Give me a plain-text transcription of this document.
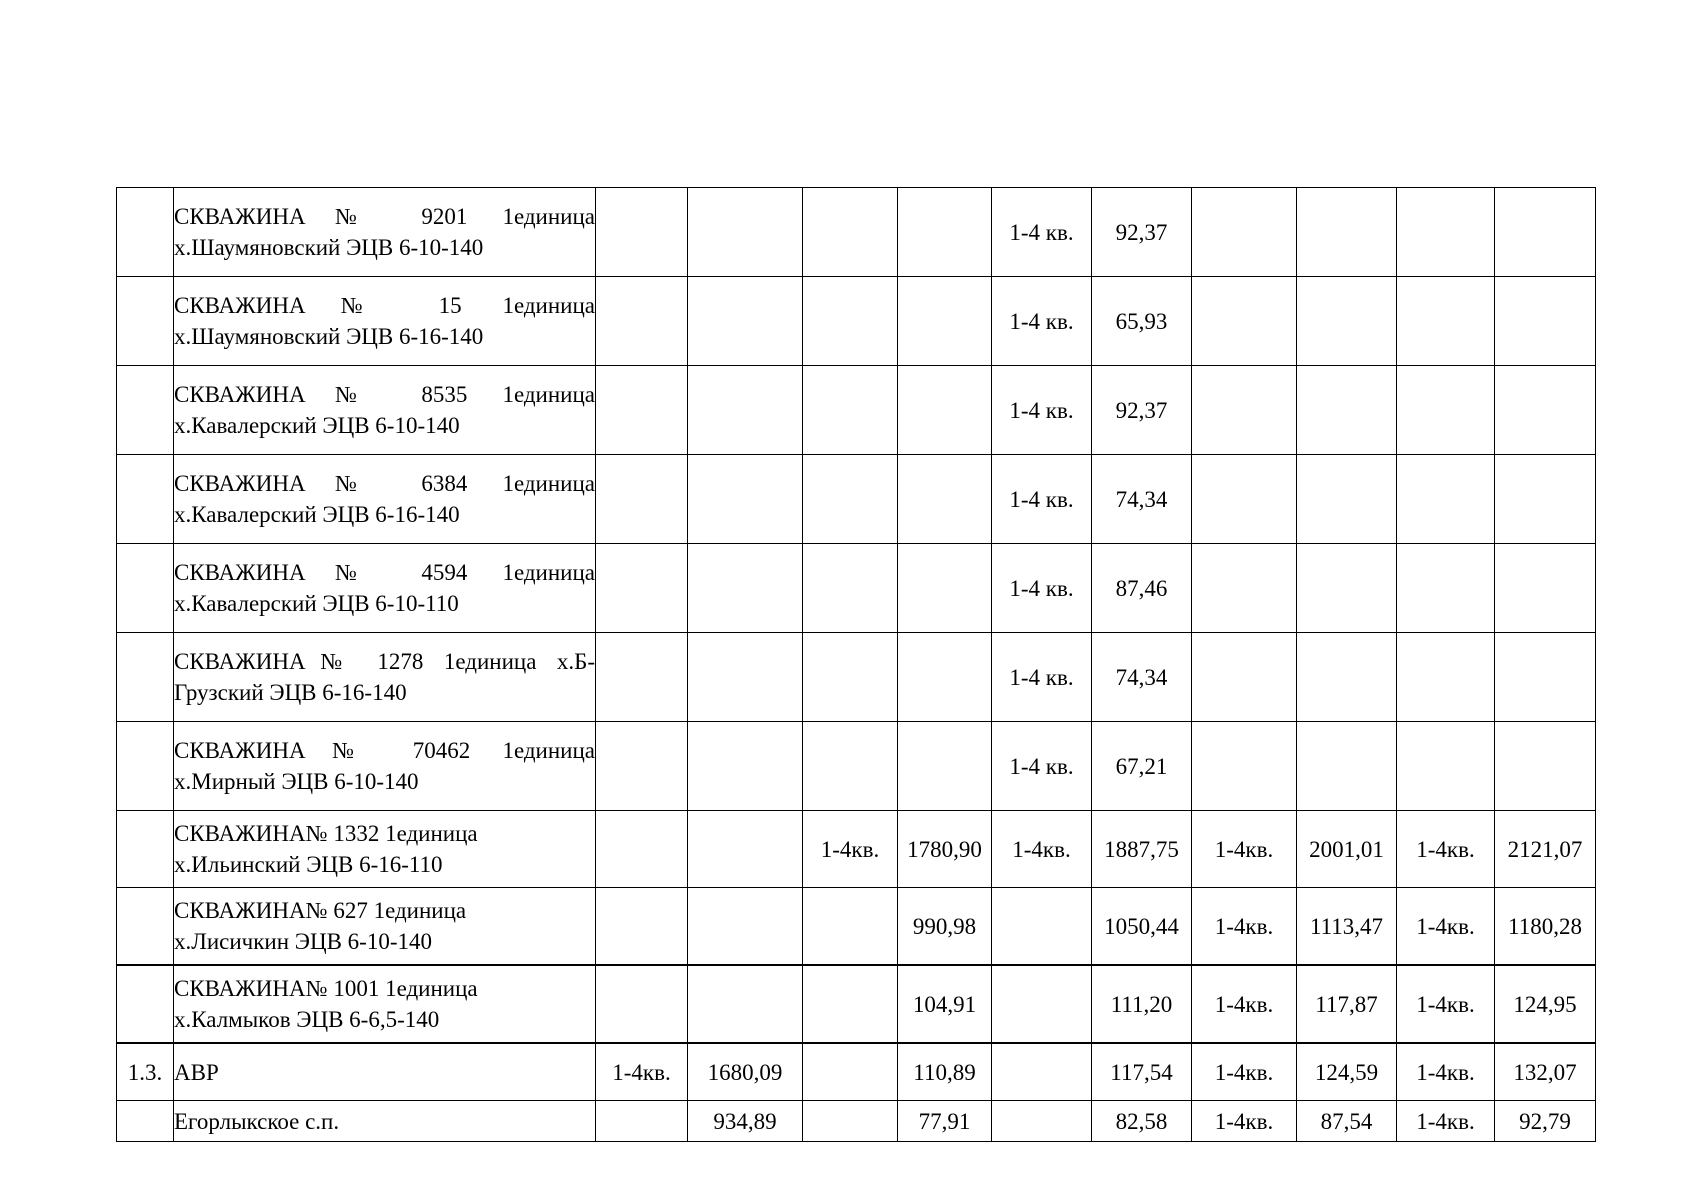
	СКВАЖИНА№ 9201 1единица
х.Шаумяновский ЭЦВ 6-10-140					1-4 кв.	92,37				

	СКВАЖИНА№ 15 1единица
х.Шаумяновский ЭЦВ 6-16-140					1-4 кв.	65,93				

	СКВАЖИНА№ 8535 1единица
х.Кавалерский ЭЦВ 6-10-140					1-4 кв.	92,37				

	СКВАЖИНА№ 6384 1единица
х.Кавалерский ЭЦВ 6-16-140					1-4 кв.	74,34				

	СКВАЖИНА№ 4594 1единица
х.Кавалерский ЭЦВ 6-10-110					1-4 кв.	87,46				

	СКВАЖИНА№ 1278 1единица х.Б-
Грузский ЭЦВ 6-16-140					1-4 кв.	74,34				

	СКВАЖИНА№ 70462 1единица
х.Мирный ЭЦВ 6-10-140					1-4 кв.	67,21				

	СКВАЖИНА№ 1332 1единица
х.Ильинский ЭЦВ 6-16-110			1-4кв.	1780,90	1-4кв.	1887,75	1-4кв.	2001,01	1-4кв.	2121,07

	СКВАЖИНА№ 627 1единица
х.Лисичкин ЭЦВ 6-10-140				990,98		1050,44	1-4кв.	1113,47	1-4кв.	1180,28

	СКВАЖИНА№ 1001 1единица
х.Калмыков ЭЦВ 6-6,5-140				104,91		111,20	1-4кв.	117,87	1-4кв.	124,95
1.3.	АВР	1-4кв.	1680,09		110,89		117,54	1-4кв.	124,59	1-4кв.	132,07
	Егорлыкское с.п.		934,89		77,91		82,58	1-4кв.	87,54	1-4кв.	92,79
